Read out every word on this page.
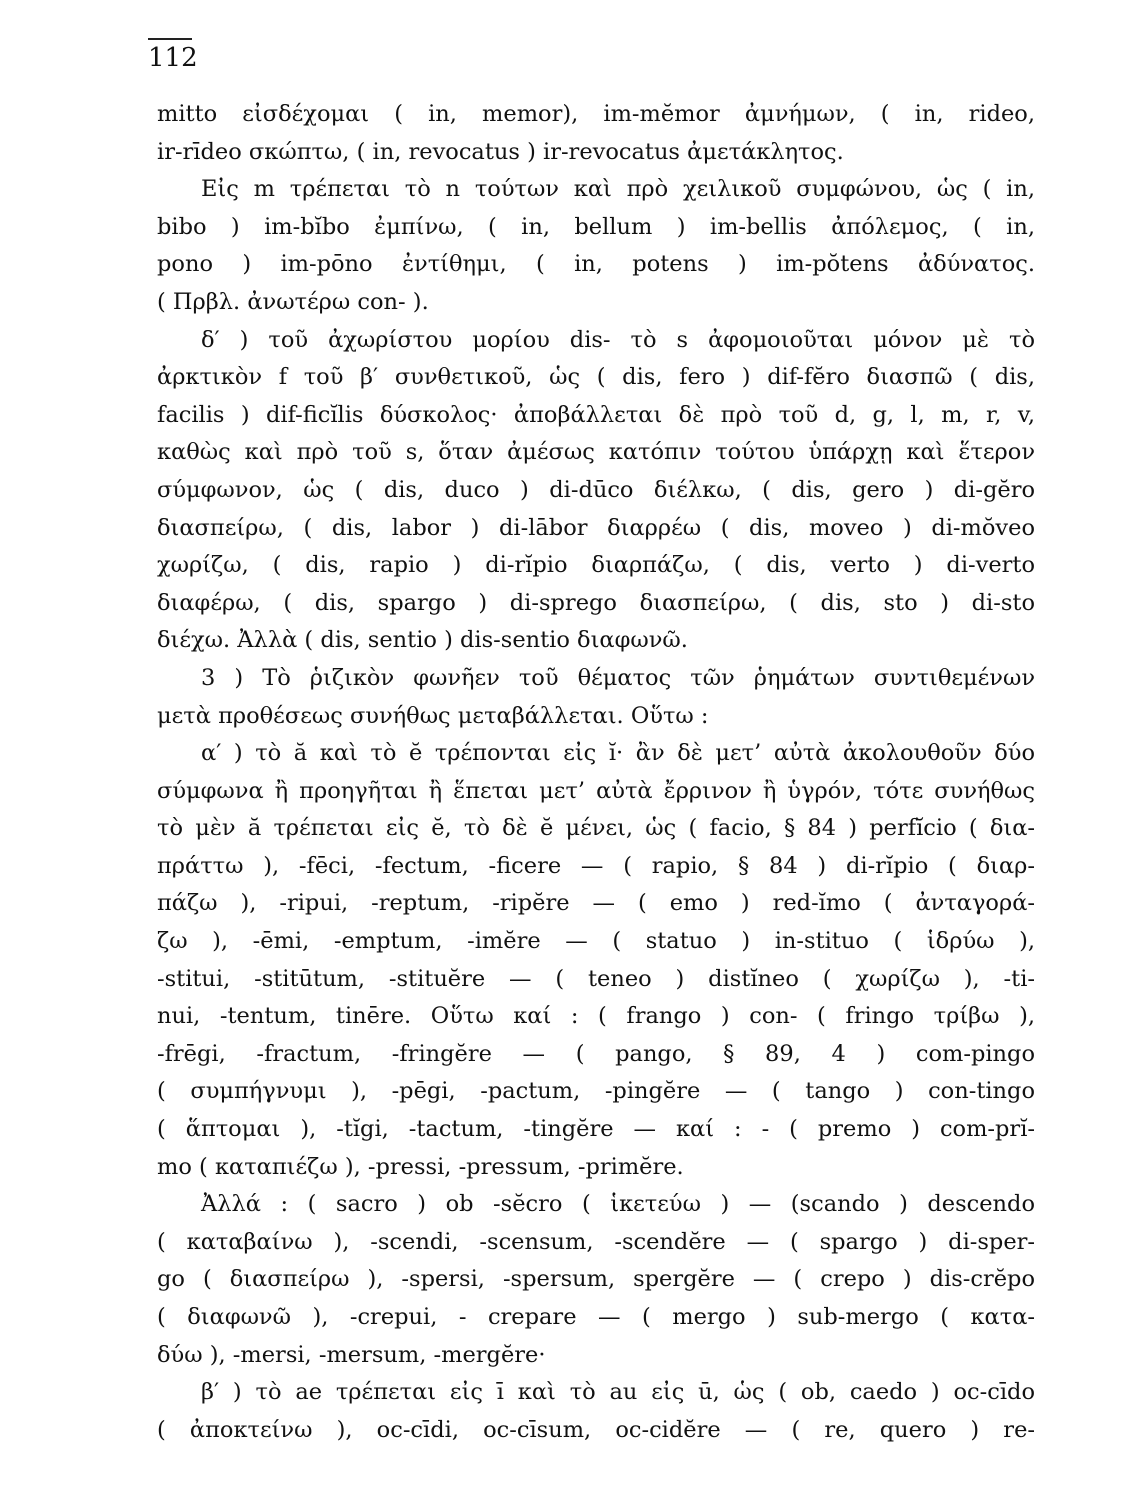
112
mitto εἰσδέχομαι ( in, memor), im-mĕmor ἀμνήμων, ( in, rideo,
ir-rīdeo σκώπτω, ( in, revocatus ) ir-revocatus ἀμετάκλητος.
Εἰς m τρέπεται τὸ n τούτων καὶ πρὸ χειλικοῦ συμφώνου, ὡς ( in,
bibo ) im-bĭbo ἐμπίνω, ( in, bellum ) im-bellis ἀπόλεμος, ( in,
pono ) im-pōno ἐντίθημι, ( in, potens ) im-pŏtens ἀδύνατος.
( Πρβλ. ἀνωτέρω con- ).
δ′ ) τοῦ ἀχωρίστου μορίου dis- τὸ s ἀφομοιοῦται μόνον μὲ τὸ
ἀρκτικὸν f τοῦ β′ συνθετικοῦ, ὡς ( dis, fero ) dif-fĕro διασπῶ ( dis,
facilis ) dif-ficĭlis δύσκολος· ἀποβάλλεται δὲ πρὸ τοῦ d, g, l, m, r, v,
καθὼς καὶ πρὸ τοῦ s, ὅταν ἀμέσως κατόπιν τούτου ὑπάρχῃ καὶ ἕτερον
σύμφωνον, ὡς ( dis, duco ) di-dūco διέλκω, ( dis, gero ) di-gĕro
διασπείρω, ( dis, labor ) di-lābor διαρρέω ( dis, moveo ) di-mŏveo
χωρίζω, ( dis, rapio ) di-rĭpio διαρπάζω, ( dis, verto ) di-verto
διαφέρω, ( dis, spargo ) di-sprego διασπείρω, ( dis, sto ) di-sto
διέχω. Ἀλλὰ ( dis, sentio ) dis-sentio διαφωνῶ.
3 ) Τὸ ῥιζικὸν φωνῆεν τοῦ θέματος τῶν ῥημάτων συντιθεμένων
μετὰ προθέσεως συνήθως μεταβάλλεται. Οὕτω :
α′ ) τὸ ă καὶ τὸ ĕ τρέπονται εἰς ĭ· ἂν δὲ μετ’ αὐτὰ ἀκολουθοῦν δύο
σύμφωνα ἢ προηγῆται ἢ ἕπεται μετ’ αὐτὰ ἔρρινον ἢ ὑγρόν, τότε συνήθως
τὸ μὲν ă τρέπεται εἰς ĕ, τὸ δὲ ĕ μένει, ὡς ( facio, § 84 ) perfĭcio ( δια-
πράττω ), -fēci, -fectum, -ficere — ( rapio, § 84 ) di-rĭpio ( διαρ-
πάζω ), -ripui, -reptum, -ripĕre — ( emo ) red-ĭmo ( ἀνταγορά-
ζω ), -ēmi, -emptum, -imĕre — ( statuo ) in-stituo ( ἱδρύω ),
-stitui, -stitūtum, -stituĕre — ( teneo ) distĭneo ( χωρίζω ), -ti-
nui, -tentum, tinēre. Οὕτω καί : ( frango ) con- ( fringo τρίβω ),
-frēgi, -fractum, -fringĕre — ( pango, § 89, 4 ) com-pingo
( συμπήγνυμι ), -pēgi, -pactum, -pingĕre — ( tango ) con-tingo
( ἅπτομαι ), -tĭgi, -tactum, -tingĕre — καί : - ( premo ) com-prĭ-
mo ( καταπιέζω ), -pressi, -pressum, -primĕre.
Ἀλλά : ( sacro ) ob -sĕcro ( ἱκετεύω ) — (scando ) descendo
( καταβαίνω ), -scendi, -scensum, -scendĕre — ( spargo ) di-sper-
go ( διασπείρω ), -spersi, -spersum, spergĕre — ( crepo ) dis-crĕpo
( διαφωνῶ ), -crepui, - crepare — ( mergo ) sub-mergo ( κατα-
δύω ), -mersi, -mersum, -mergĕre·
β′ ) τὸ ae τρέπεται εἰς ī καὶ τὸ au εἰς ū, ὡς ( ob, caedo ) oc-cīdo
( ἀποκτείνω ), oc-cīdi, oc-cīsum, oc-cidĕre — ( re, quero ) re-
